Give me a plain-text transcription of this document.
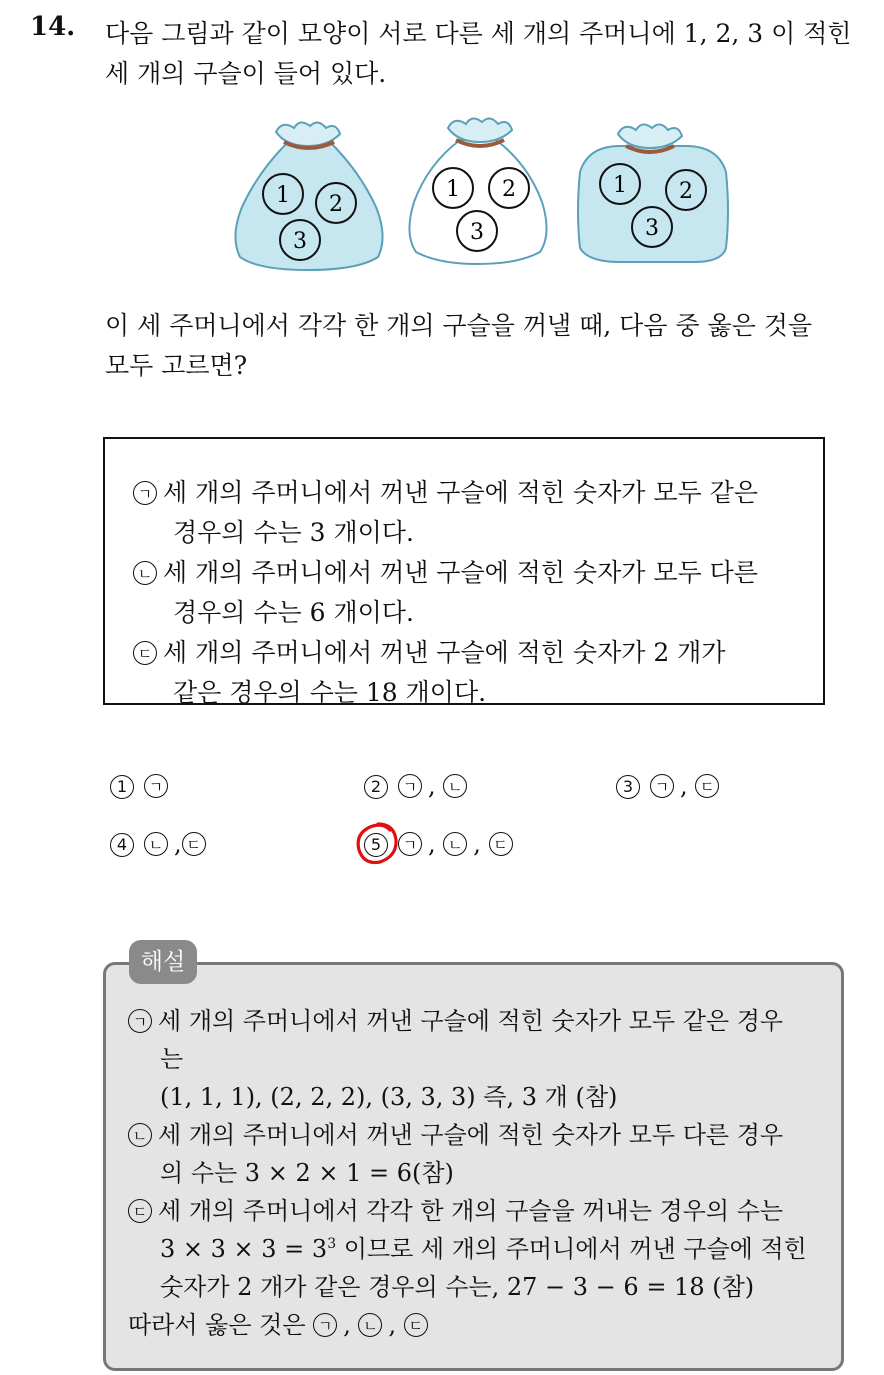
14. 다음 그림과 같이 모양이 서로 다른 세 개의 주머니에 1, 2, 3 이 적힌
세 개의 구슬이 들어 있다.
1 2
3
1 2
3
1 2
3
이 세 주머니에서 각각 한 개의 구슬을 꺼낼 때, 다음 중 옳은 것을
모두 고르면?
ㄱ 세 개의 주머니에서 꺼낸 구슬에 적힌 숫자가 모두 같은
경우의 수는 3 개이다.
ㄴ 세 개의 주머니에서 꺼낸 구슬에 적힌 숫자가 모두 다른
경우의 수는 6 개이다.
ㄷ 세 개의 주머니에서 꺼낸 구슬에 적힌 숫자가 2 개가
같은 경우의 수는 18 개이다.
1 ㄱ	2 ㄱ , ㄴ	3 ㄱ , ㄷ
4 ㄴ , ㄷ	5 ㄱ , ㄴ , ㄷ
ㄱ 세 개의 주머니에서 꺼낸 구슬에 적힌 숫자가 모두 같은 경우
는
(1, 1, 1), (2, 2, 2), (3, 3, 3) 즉, 3 개 (참)
ㄴ 세 개의 주머니에서 꺼낸 구슬에 적힌 숫자가 모두 다른 경우
의 수는 3 × 2 × 1 = 6(참)
ㄷ 세 개의 주머니에서 각각 한 개의 구슬을 꺼내는 경우의 수는
$3 \times 3 \times 3 = 3^3$ 이므로 세 개의 주머니에서 꺼낸 구슬에 적힌
숫자가 2 개가 같은 경우의 수는, 27 − 3 − 6 = 18 (참)
따라서 옳은 것은 ㄱ , ㄴ , ㄷ
해설
